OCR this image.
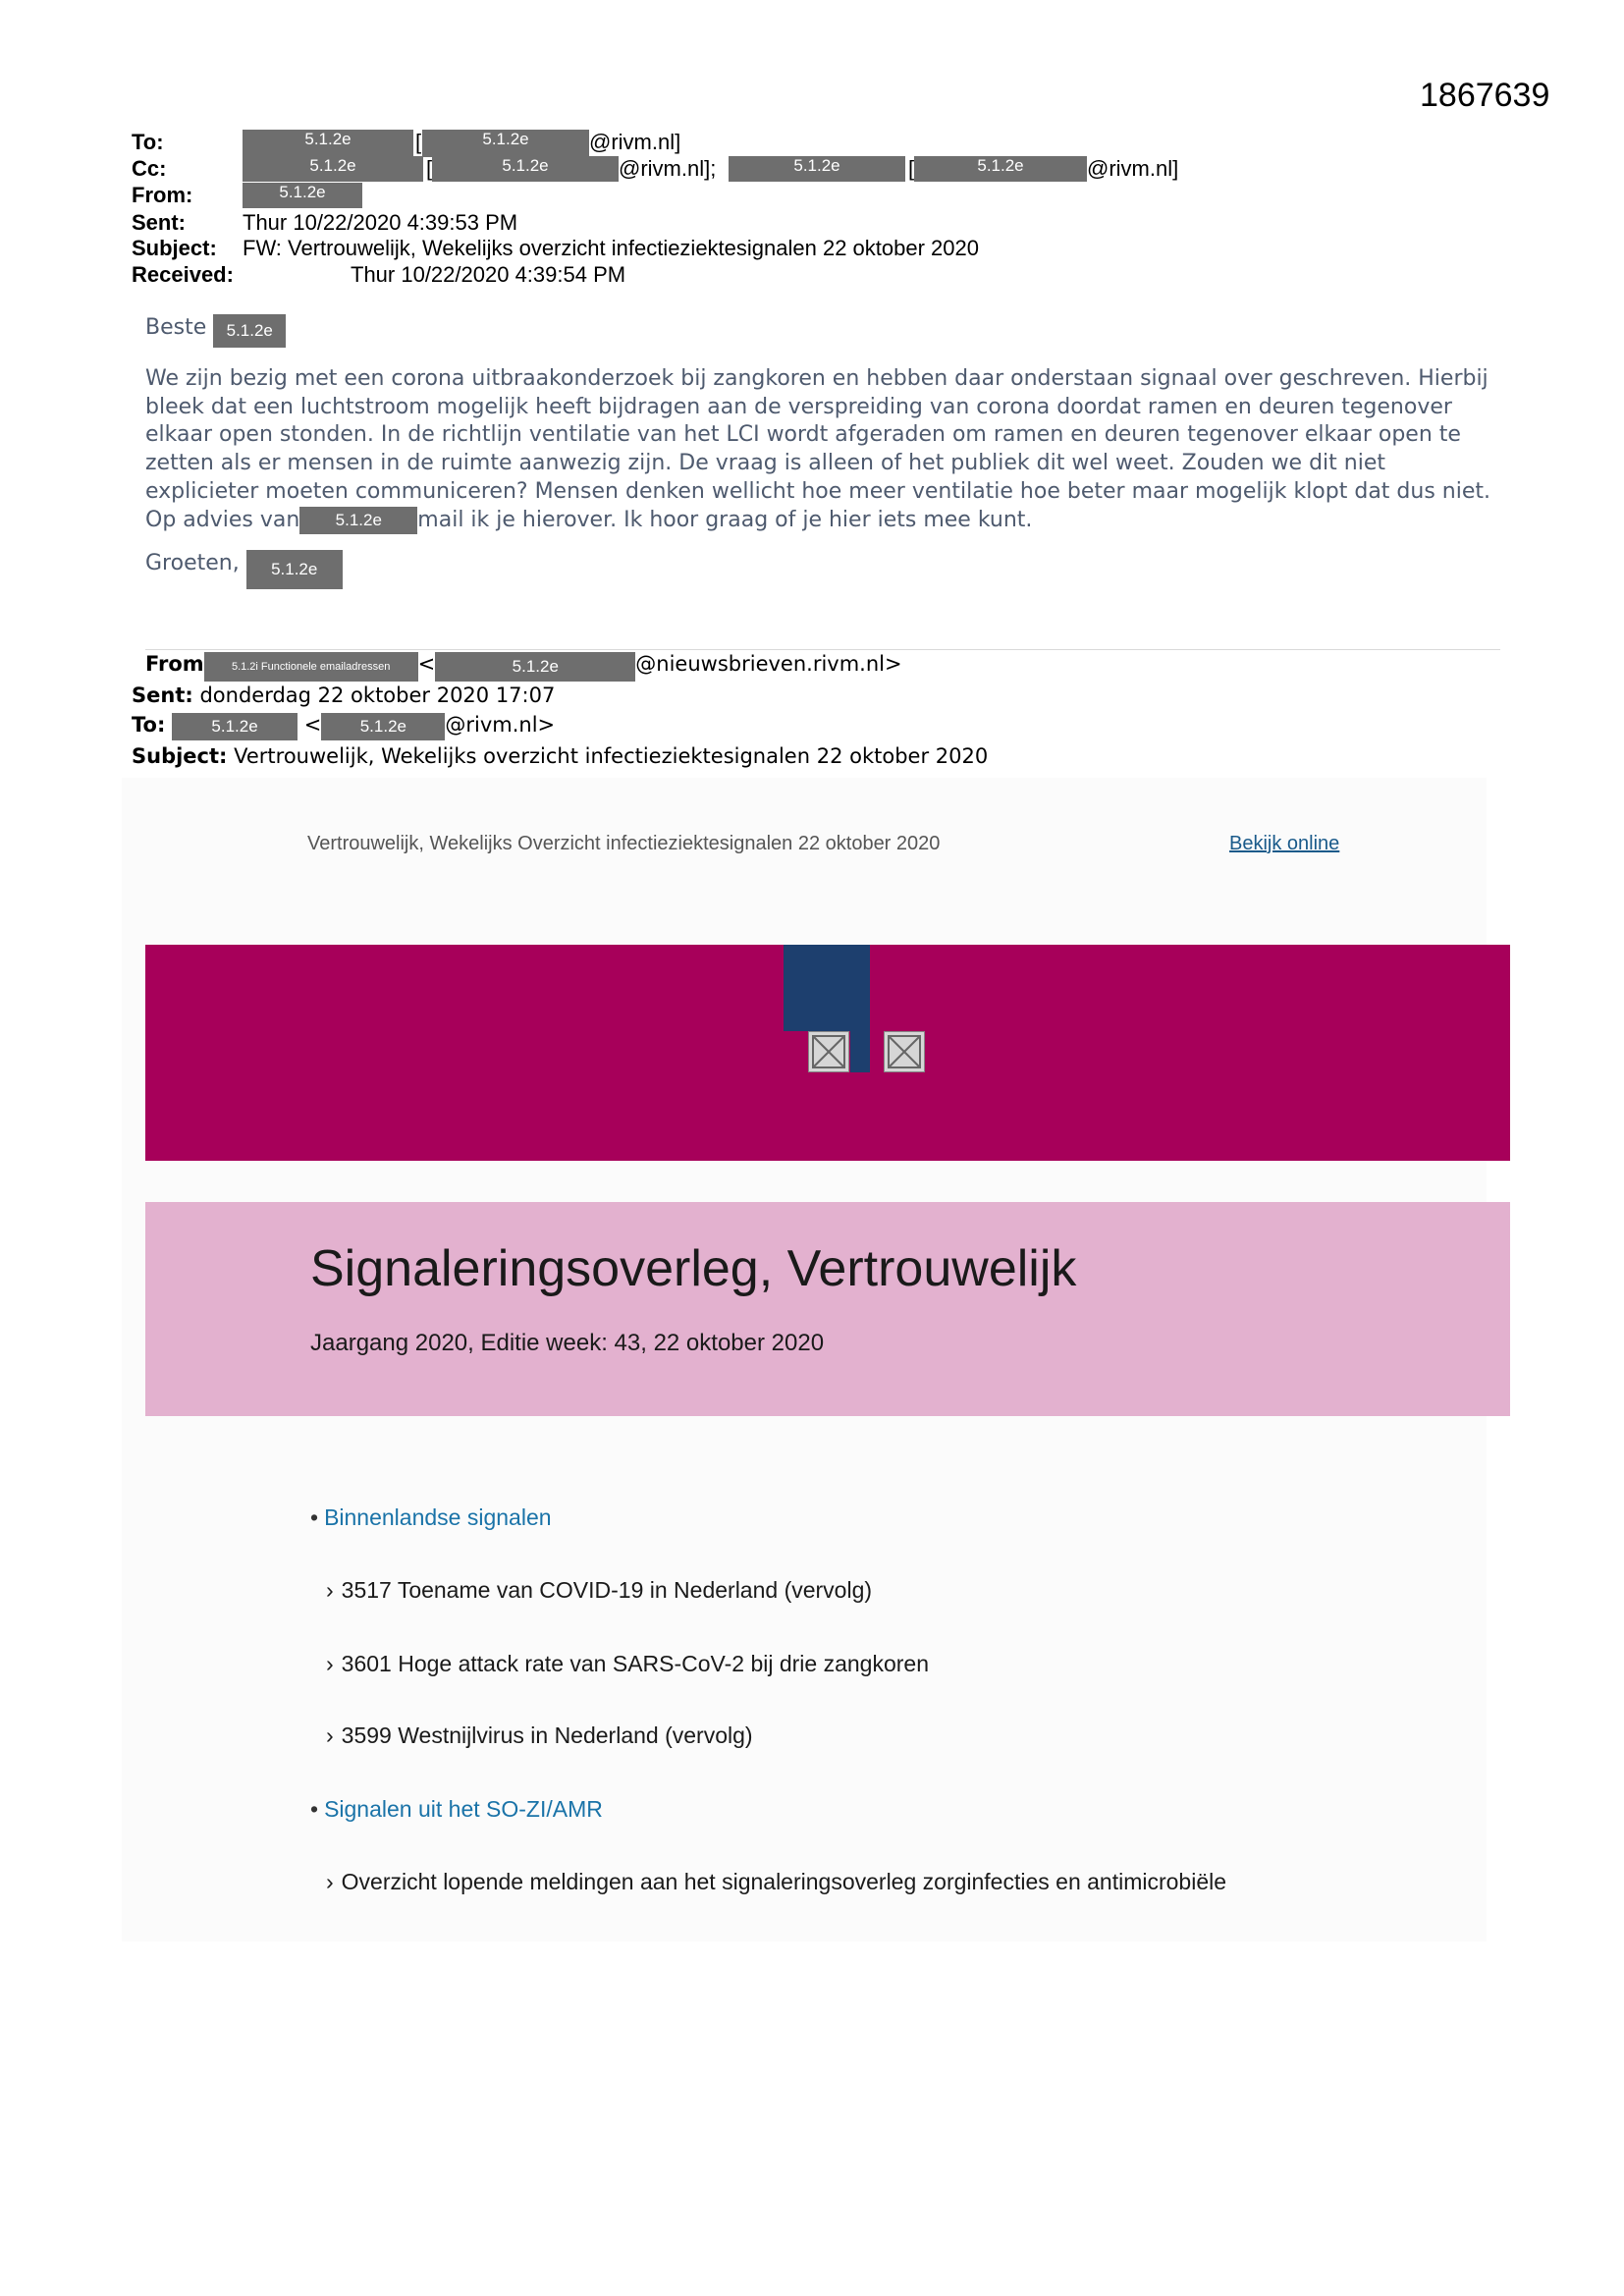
1867639
To:	5.1.2e	[	5.1.2e	@rivm.nl]
Cc:	5.1.2e	[	5.1.2e	@rivm.nl];	5.1.2e	[	5.1.2e	@rivm.nl]
From:	5.1.2e
Sent:	Thur 10/22/2020 4:39:53 PM
Subject: FW: Vertrouwelijk, Wekelijks overzicht infectieziektesignalen 22 oktober 2020
Received:	Thur 10/22/2020 4:39:54 PM

Beste 5.1.2e

We zijn bezig met een corona uitbraakonderzoek bij zangkoren en hebben daar onderstaan signaal over geschreven. Hierbij bleek dat een luchtstroom mogelijk heeft bijdragen aan de verspreiding van corona doordat ramen en deuren tegenover elkaar open stonden. In de richtlijn ventilatie van het LCI wordt afgeraden om ramen en deuren tegenover elkaar open te zetten als er mensen in de ruimte aanwezig zijn. De vraag is alleen of het publiek dit wel weet. Zouden we dit niet explicieter moeten communiceren? Mensen denken wellicht hoe meer ventilatie hoe beter maar mogelijk klopt dat dus niet.

Op advies van 5.1.2e mail ik je hierover. Ik hoor graag of je hier iets mee kunt.

Groeten, 5.1.2e

From	5.1.2i Functionele emailadressen <	5.1.2e	@nieuwsbrieven.rivm.nl>
Sent: donderdag 22 oktober 2020 17:07
To:	5.1.2e < 5.1.2e @rivm.nl>
Subject: Vertrouwelijk, Wekelijks overzicht infectieziektesignalen 22 oktober 2020
Vertrouwelijk, Wekelijks Overzicht infectieziektesignalen 22 oktober 2020	Bekijk online
Signaleringsoverleg, Vertrouwelijk
Jaargang 2020, Editie week: 43, 22 oktober 2020
• Binnenlandse signalen
› 3517 Toename van COVID-19 in Nederland (vervolg)
› 3601 Hoge attack rate van SARS-CoV-2 bij drie zangkoren
› 3599 Westnijlvirus in Nederland (vervolg)
• Signalen uit het SO-ZI/AMR
› Overzicht lopende meldingen aan het signaleringsoverleg zorginfecties en antimicrobiële
